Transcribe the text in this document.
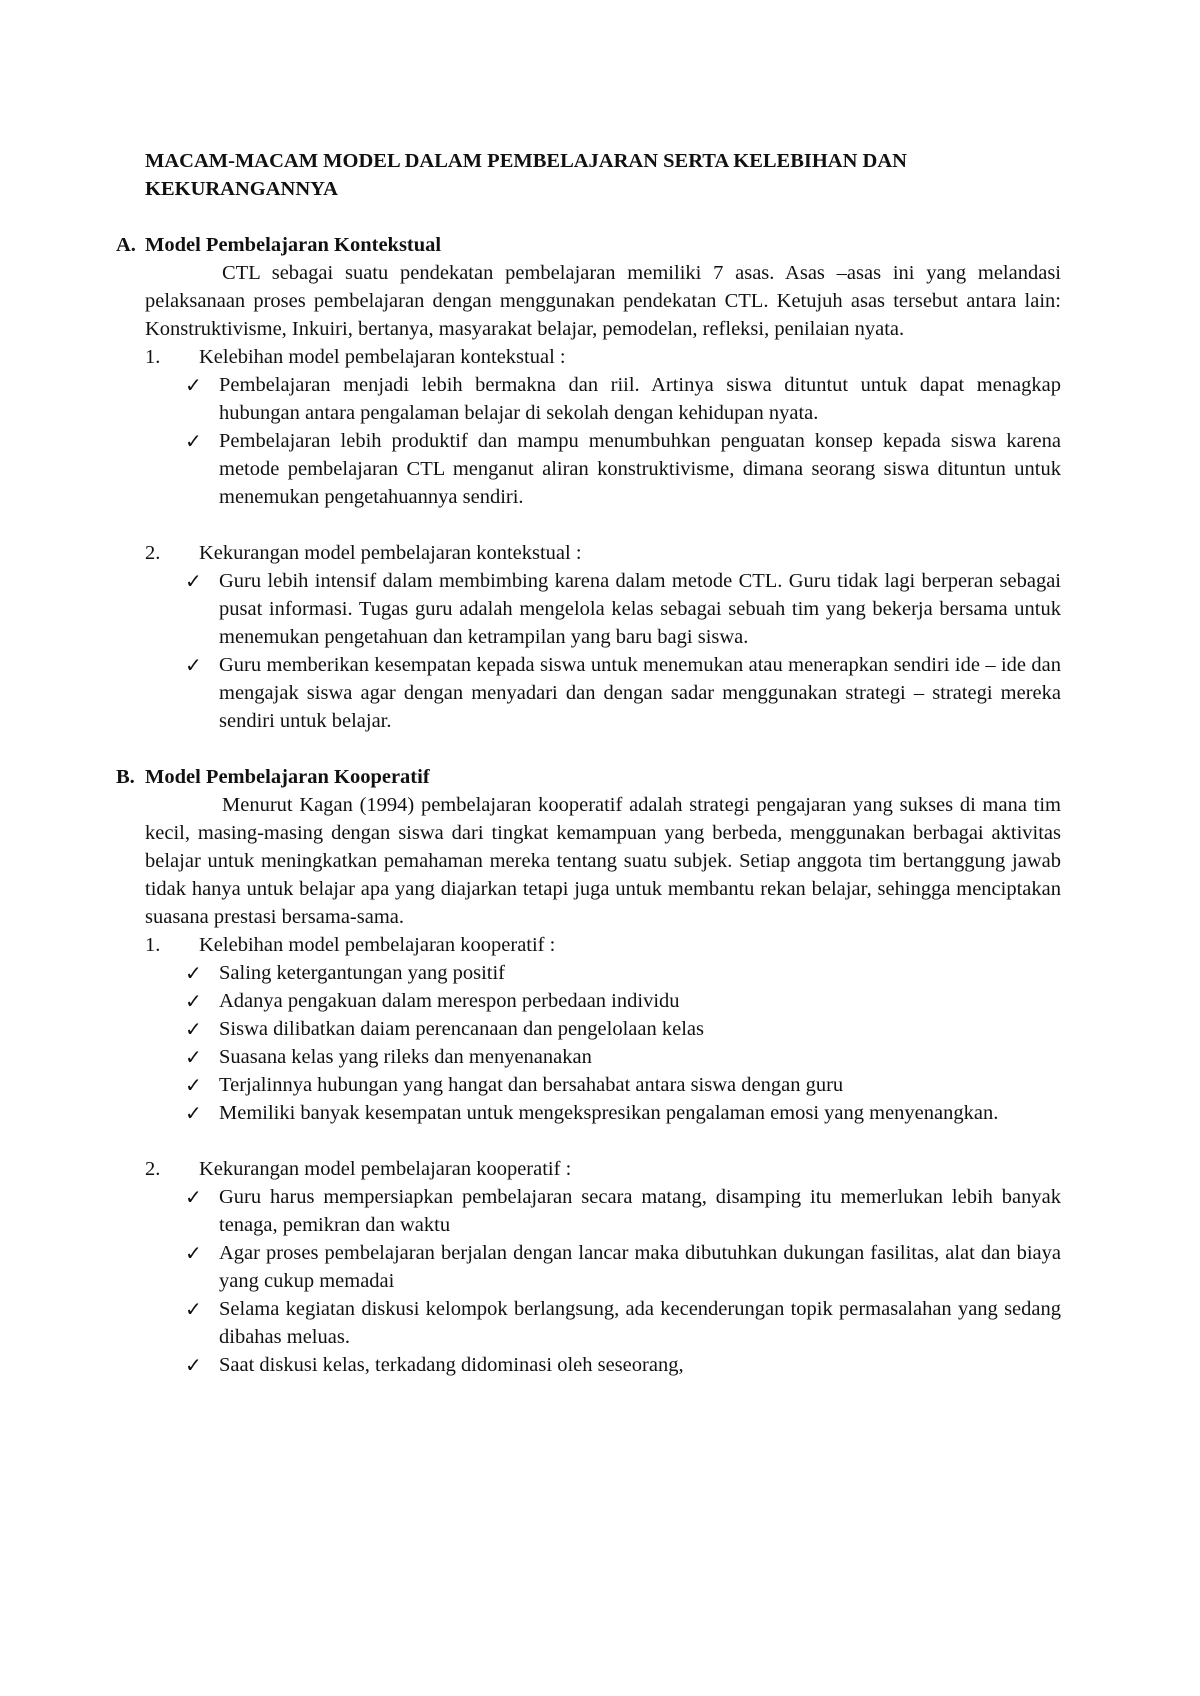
MACAM-MACAM MODEL DALAM PEMBELAJARAN SERTA KELEBIHAN DAN KEKURANGANNYA
A. Model Pembelajaran Kontekstual

CTL sebagai suatu pendekatan pembelajaran memiliki 7 asas. Asas –asas ini yang melandasi pelaksanaan proses pembelajaran dengan menggunakan pendekatan CTL. Ketujuh asas tersebut antara lain: Konstruktivisme, Inkuiri, bertanya, masyarakat belajar, pemodelan, refleksi, penilaian nyata.

1. Kelebihan model pembelajaran kontekstual :
✓ Pembelajaran menjadi lebih bermakna dan riil. Artinya siswa dituntut untuk dapat menagkap hubungan antara pengalaman belajar di sekolah dengan kehidupan nyata.
✓ Pembelajaran lebih produktif dan mampu menumbuhkan penguatan konsep kepada siswa karena metode pembelajaran CTL menganut aliran konstruktivisme, dimana seorang siswa dituntun untuk menemukan pengetahuannya sendiri.
2. Kekurangan model pembelajaran kontekstual :
✓ Guru lebih intensif dalam membimbing karena dalam metode CTL. Guru tidak lagi berperan sebagai pusat informasi. Tugas guru adalah mengelola kelas sebagai sebuah tim yang bekerja bersama untuk menemukan pengetahuan dan ketrampilan yang baru bagi siswa.
✓ Guru memberikan kesempatan kepada siswa untuk menemukan atau menerapkan sendiri ide – ide dan mengajak siswa agar dengan menyadari dan dengan sadar menggunakan strategi – strategi mereka sendiri untuk belajar.
B. Model Pembelajaran Kooperatif

Menurut Kagan (1994) pembelajaran kooperatif adalah strategi pengajaran yang sukses di mana tim kecil, masing-masing dengan siswa dari tingkat kemampuan yang berbeda, menggunakan berbagai aktivitas belajar untuk meningkatkan pemahaman mereka tentang suatu subjek. Setiap anggota tim bertanggung jawab tidak hanya untuk belajar apa yang diajarkan tetapi juga untuk membantu rekan belajar, sehingga menciptakan suasana prestasi bersama-sama.

1. Kelebihan model pembelajaran kooperatif :
✓ Saling ketergantungan yang positif
✓ Adanya pengakuan dalam merespon perbedaan individu
✓ Siswa dilibatkan daiam perencanaan dan pengelolaan kelas
✓ Suasana kelas yang rileks dan menyenanakan
✓ Terjalinnya hubungan yang hangat dan bersahabat antara siswa dengan guru
✓ Memiliki banyak kesempatan untuk mengekspresikan pengalaman emosi yang menyenangkan.
2. Kekurangan model pembelajaran kooperatif :
✓ Guru harus mempersiapkan pembelajaran secara matang, disamping itu memerlukan lebih banyak tenaga, pemikran dan waktu
✓ Agar proses pembelajaran berjalan dengan lancar maka dibutuhkan dukungan fasilitas, alat dan biaya yang cukup memadai
✓ Selama kegiatan diskusi kelompok berlangsung, ada kecenderungan topik permasalahan yang sedang dibahas meluas.
✓ Saat diskusi kelas, terkadang didominasi oleh seseorang,
